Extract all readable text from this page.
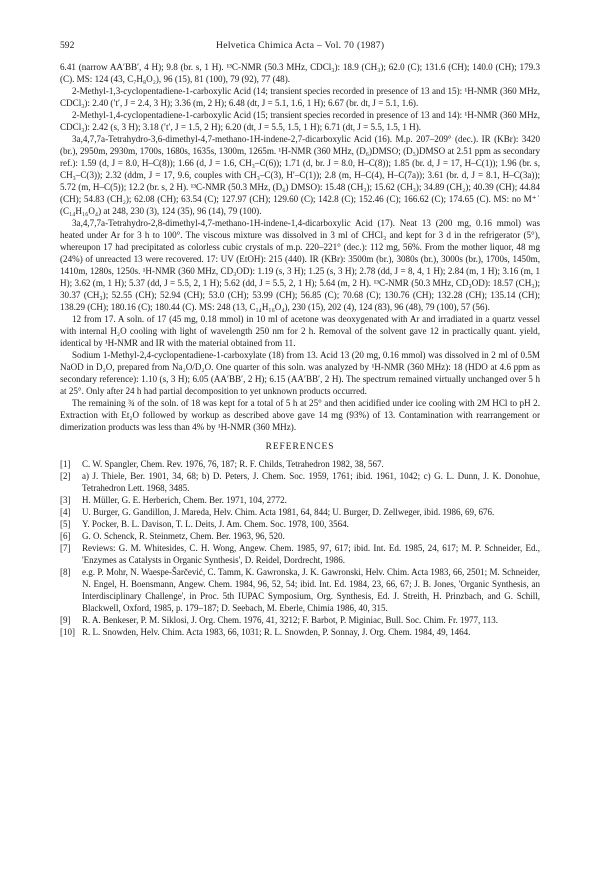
592	Helvetica Chimica Acta – Vol. 70 (1987)

6.41 (narrow AA′BB′, 4 H); 9.8 (br. s, 1 H). ¹³C-NMR (50.3 MHz, CDCl₃): 18.9 (CH₃); 62.0 (C); 131.6 (CH); 140.0 (CH); 179.3 (C). MS: 124 (43, C₇H₈O₂), 96 (15), 81 (100), 79 (92), 77 (48).

2-Methyl-1,3-cyclopentadiene-1-carboxylic Acid (14; transient species recorded in presence of 13 and 15): ¹H-NMR (360 MHz, CDCl₃): 2.40 (′t′, J = 2.4, 3 H); 3.36 (m, 2 H); 6.48 (dt, J = 5.1, 1.6, 1 H); 6.67 (br. dt, J = 5.1, 1.6).

2-Methyl-1,4-cyclopentadiene-1-carboxylic Acid (15; transient species recorded in presence of 13 and 14): ¹H-NMR (360 MHz, CDCl₃): 2.42 (s, 3 H); 3.18 (′t′, J = 1.5, 2 H); 6.20 (dt, J = 5.5, 1.5, 1 H); 6.71 (dt, J = 5.5, 1.5, 1 H).

3a,4,7,7a-Tetrahydro-3,6-dimethyl-4,7-methano-1H-indene-2,7-dicarboxylic Acid (16). M.p. 207–209° (dec.). IR (KBr): 3420 (br.), 2950m, 2930m, 1700s, 1680s, 1635s, 1300m, 1265m. ¹H-NMR (360 MHz, (D₆)DMSO; (D₅)DMSO at 2.51 ppm as secondary ref.): 1.59 (d, J = 8.0, H–C(8)); 1.66 (d, J = 1.6, CH₃–C(6)); 1.71 (d, br. J = 8.0, H–C(8)); 1.85 (br. d, J = 17, H–C(1)); 1.96 (br. s, CH₃–C(3)); 2.32 (ddm, J = 17, 9.6, couples with CH₃–C(3), H′–C(1)); 2.8 (m, H–C(4), H–C(7a)); 3.61 (br. d, J = 8.1, H–C(3a)); 5.72 (m, H–C(5)); 12.2 (br. s, 2 H). ¹³C-NMR (50.3 MHz, (D₆) DMSO): 15.48 (CH₃); 15.62 (CH₃); 34.89 (CH₂); 40.39 (CH); 44.84 (CH); 54.83 (CH₂); 62.08 (CH); 63.54 (C); 127.97 (CH); 129.60 (C); 142.8 (C); 152.46 (C); 166.62 (C); 174.65 (C). MS: no M⁺˙ (C₁₄H₁₆O₄) at 248, 230 (3), 124 (35), 96 (14), 79 (100).

3a,4,7,7a-Tetrahydro-2,8-dimethyl-4,7-methano-1H-indene-1,4-dicarboxylic Acid (17). Neat 13 (200 mg, 0.16 mmol) was heated under Ar for 3 h to 100°. The viscous mixture was dissolved in 3 ml of CHCl₃ and kept for 3 d in the refrigerator (5°), whereupon 17 had precipitated as colorless cubic crystals of m.p. 220–221° (dec.): 112 mg, 56%. From the mother liquor, 48 mg (24%) of unreacted 13 were recovered. 17: UV (EtOH): 215 (440). IR (KBr): 3500m (br.), 3080s (br.), 3000s (br.), 1700s, 1450m, 1410m, 1280s, 1250s. ¹H-NMR (360 MHz, CD₃OD): 1.19 (s, 3 H); 1.25 (s, 3 H); 2.78 (dd, J = 8, 4, 1 H); 2.84 (m, 1 H); 3.16 (m, 1 H); 3.62 (m, 1 H); 5.37 (dd, J = 5.5, 2, 1 H); 5.62 (dd, J = 5.5, 2, 1 H); 5.64 (m, 2 H). ¹³C-NMR (50.3 MHz, CD₃OD): 18.57 (CH₃); 30.37 (CH₃); 52.55 (CH); 52.94 (CH); 53.0 (CH); 53.99 (CH); 56.85 (C); 70.68 (C); 130.76 (CH); 132.28 (CH); 135.14 (CH); 138.29 (CH); 180.16 (C); 180.44 (C). MS: 248 (13, C₁₄H₁₆O₄), 230 (15), 202 (4), 124 (83), 96 (48), 79 (100), 57 (56).

12 from 17. A soln. of 17 (45 mg, 0.18 mmol) in 10 ml of acetone was deoxygenated with Ar and irradiated in a quartz vessel with internal H₂O cooling with light of wavelength 250 nm for 2 h. Removal of the solvent gave 12 in practically quant. yield, identical by ¹H-NMR and IR with the material obtained from 11.

Sodium 1-Methyl-2,4-cyclopentadiene-1-carboxylate (18) from 13. Acid 13 (20 mg, 0.16 mmol) was dissolved in 2 ml of 0.5M NaOD in D₂O, prepared from Na₂O/D₂O. One quarter of this soln. was analyzed by ¹H-NMR (360 MHz): 18 (HDO at 4.6 ppm as secondary reference): 1.10 (s, 3 H); 6.05 (AA′BB′, 2 H); 6.15 (AA′BB′, 2 H). The spectrum remained virtually unchanged over 5 h at 25°. Only after 24 h had partial decomposition to yet unknown products occurred.

The remaining ¾ of the soln. of 18 was kept for a total of 5 h at 25° and then acidified under ice cooling with 2M HCl to pH 2. Extraction with Et₂O followed by workup as described above gave 14 mg (93%) of 13. Contamination with rearrangement or dimerization products was less than 4% by ¹H-NMR (360 MHz).

REFERENCES
[1]	C. W. Spangler, Chem. Rev. 1976, 76, 187; R. F. Childs, Tetrahedron 1982, 38, 567.
[2]	a) J. Thiele, Ber. 1901, 34, 68; b) D. Peters, J. Chem. Soc. 1959, 1761; ibid. 1961, 1042; c) G. L. Dunn, J. K. Donohue, Tetrahedron Lett. 1968, 3485.
[3]	H. Müller, G. E. Herberich, Chem. Ber. 1971, 104, 2772.
[4]	U. Burger, G. Gandillon, J. Mareda, Helv. Chim. Acta 1981, 64, 844; U. Burger, D. Zellweger, ibid. 1986, 69, 676.
[5]	Y. Pocker, B. L. Davison, T. L. Deits, J. Am. Chem. Soc. 1978, 100, 3564.
[6]	G. O. Schenck, R. Steinmetz, Chem. Ber. 1963, 96, 520.
[7]	Reviews: G. M. Whitesides, C. H. Wong, Angew. Chem. 1985, 97, 617; ibid. Int. Ed. 1985, 24, 617; M. P. Schneider, Ed., 'Enzymes as Catalysts in Organic Synthesis', D. Reidel, Dordrecht, 1986.
[8]	e.g. P. Mohr, N. Waespe-Šarčević, C. Tamm, K. Gawronska, J. K. Gawronski, Helv. Chim. Acta 1983, 66, 2501; M. Schneider, N. Engel, H. Boensmann, Angew. Chem. 1984, 96, 52, 54; ibid. Int. Ed. 1984, 23, 66, 67; J. B. Jones, 'Organic Synthesis, an Interdisciplinary Challenge', in Proc. 5th IUPAC Symposium, Org. Synthesis, Ed. J. Streith, H. Prinzbach, and G. Schill, Blackwell, Oxford, 1985, p. 179–187; D. Seebach, M. Eberle, Chimia 1986, 40, 315.
[9]	R. A. Benkeser, P. M. Siklosi, J. Org. Chem. 1976, 41, 3212; F. Barbot, P. Miginiac, Bull. Soc. Chim. Fr. 1977, 113.
[10] R. L. Snowden, Helv. Chim. Acta 1983, 66, 1031; R. L. Snowden, P. Sonnay, J. Org. Chem. 1984, 49, 1464.
